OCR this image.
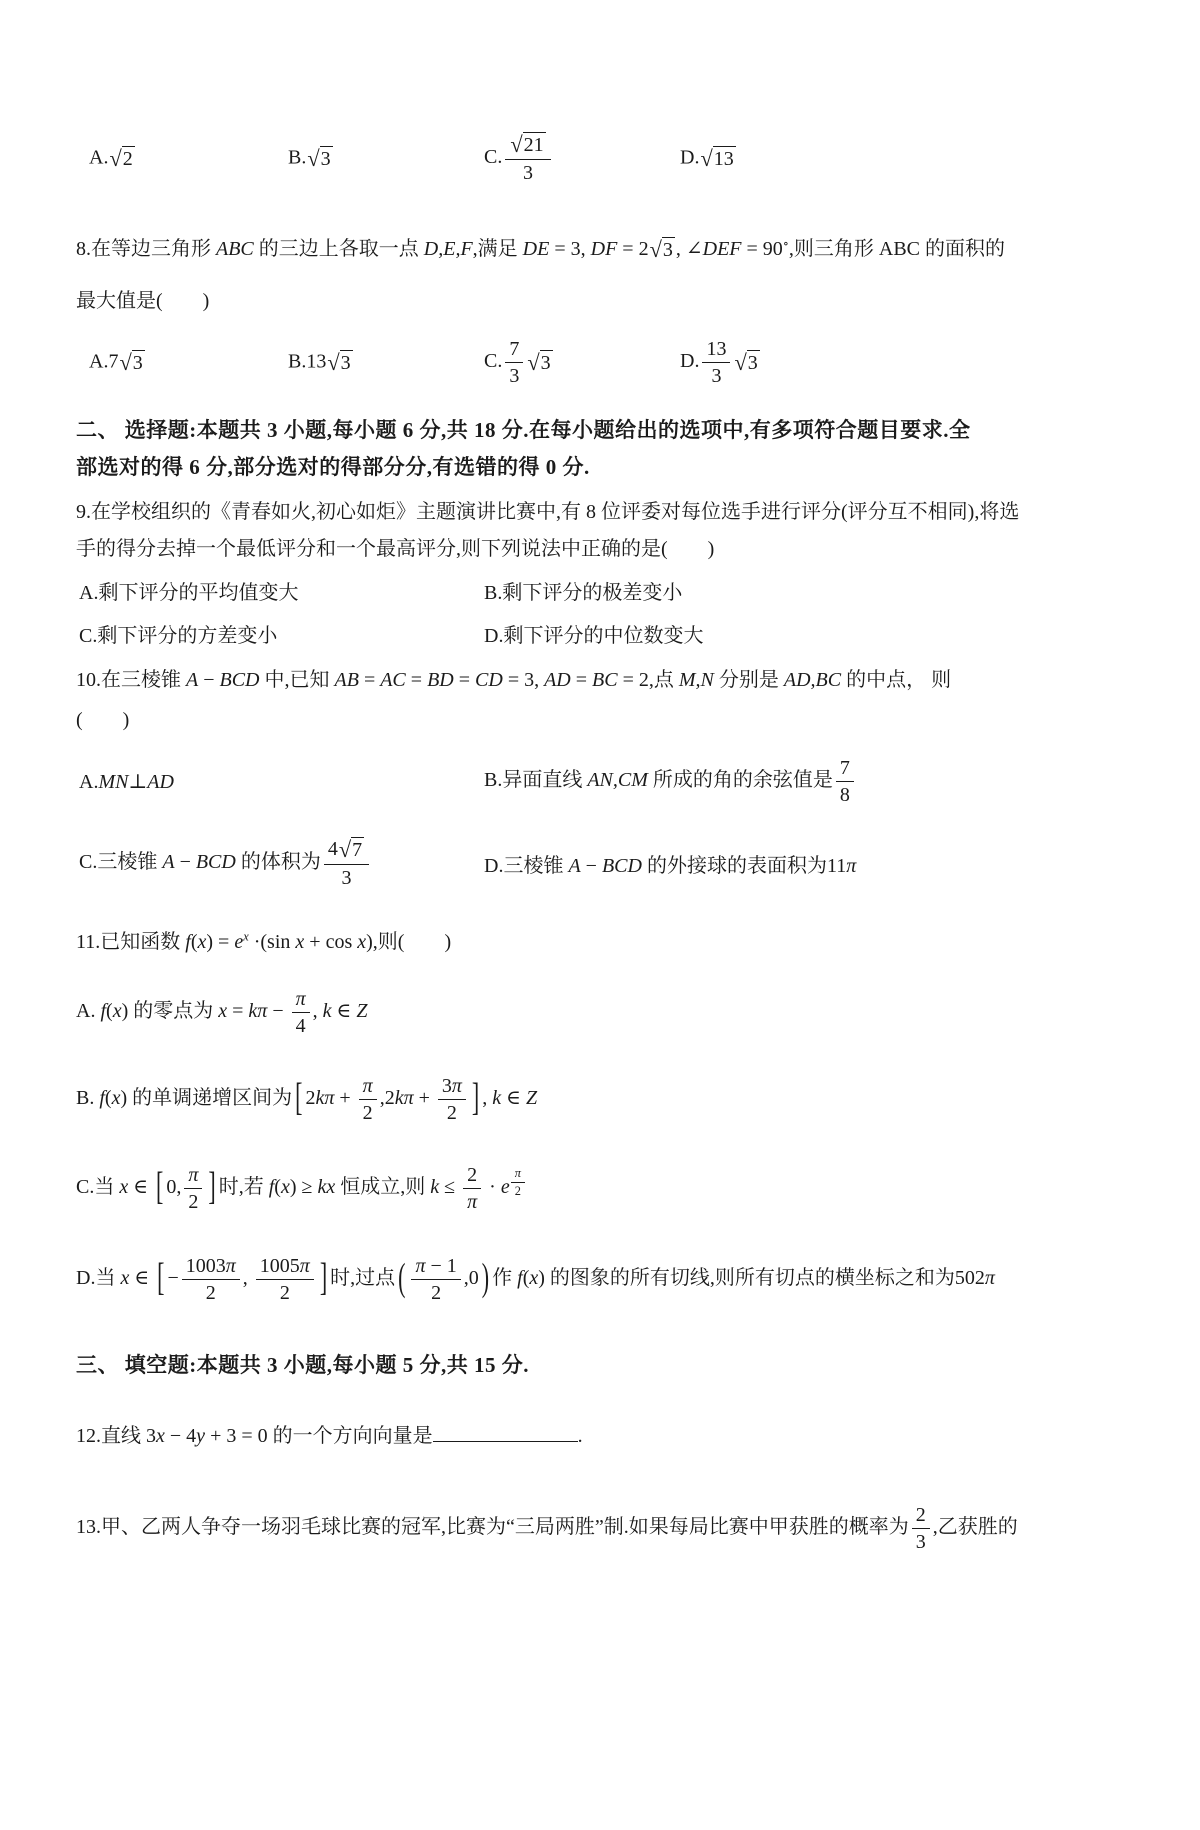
A. √ 2	B. √ 3	C. $\frac{√ 21}{3}$	D. √ 13
8.在等边三角形 ABC 的三边上各取一点 D,E,F,满足 DE = 3, DF = 2 √ 3 , ∠DEF = 90∘,则三角形 ABC 的面积的
最大值是(        )
A.7 √ 3	B.13 √ 3	C. $\frac{7}{3}$ √ 3	D. $\frac{13}{3}$ √ 3
二、 选择题:本题共 3 小题,每小题 6 分,共 18 分.在每小题给出的选项中,有多项符合题目要求.全
部选对的得 6 分,部分选对的得部分分,有选错的得 0 分.
9.在学校组织的《青春如火,初心如炬》主题演讲比赛中,有 8 位评委对每位选手进行评分(评分互不相同),将选
手的得分去掉一个最低评分和一个最高评分,则下列说法中正确的是(        )
A.剩下评分的平均值变大	B.剩下评分的极差变小
C.剩下评分的方差变小	D.剩下评分的中位数变大
10.在三棱锥 A − BCD 中,已知 AB = AC = BD = CD = 3, AD = BC = 2,点 M,N 分别是 AD,BC 的中点， 则
(        )
A.MN⊥AD	B.异面直线 AN,CM 所成的角的余弦值是 $\frac{7}{8}$
C.三棱锥 A − BCD 的体积为 $\frac{4 √ 7}{3}$	D.三棱锥 A − BCD 的外接球的表面积为11π
11.已知函数 $f(x) = e^x \cdot(\sin$ x + cos x),则(        )
A. f(x) 的零点为 $x = k\pi - \frac{\pi}{4}$ , k ∈ Z
B. f(x) 的单调递增区间为 [ $2k\pi + \frac{\pi}{2} ,2k\pi + \frac{3 \pi}{2}$ ] , k ∈ Z
C.当 x ∈ [ 0, $\frac{\pi}{2}$ ] 时,若 f(x) ≥ kx 恒成立,则 $k \le \frac{2}{\pi} \cdot e$ $^{\frac{\pi}{2}}$
D.当 x ∈ [ − $\frac{1003 \pi}{2}$ , $\frac{1005 \pi}{2}$ ] 时,过点 ( $\frac{\pi - 1}{2} ,0$ ) 作 f(x) 的图象的所有切线,则所有切点的横坐标之和为502π
三、 填空题:本题共 3 小题,每小题 5 分,共 15 分.
12.直线 3x − 4y + 3 = 0 的一个方向向量是	.
13.甲、乙两人争夺一场羽毛球比赛的冠军,比赛为“三局两胜”制.如果每局比赛中甲获胜的概率为 $\frac{2}{3}$ ,乙获胜的
